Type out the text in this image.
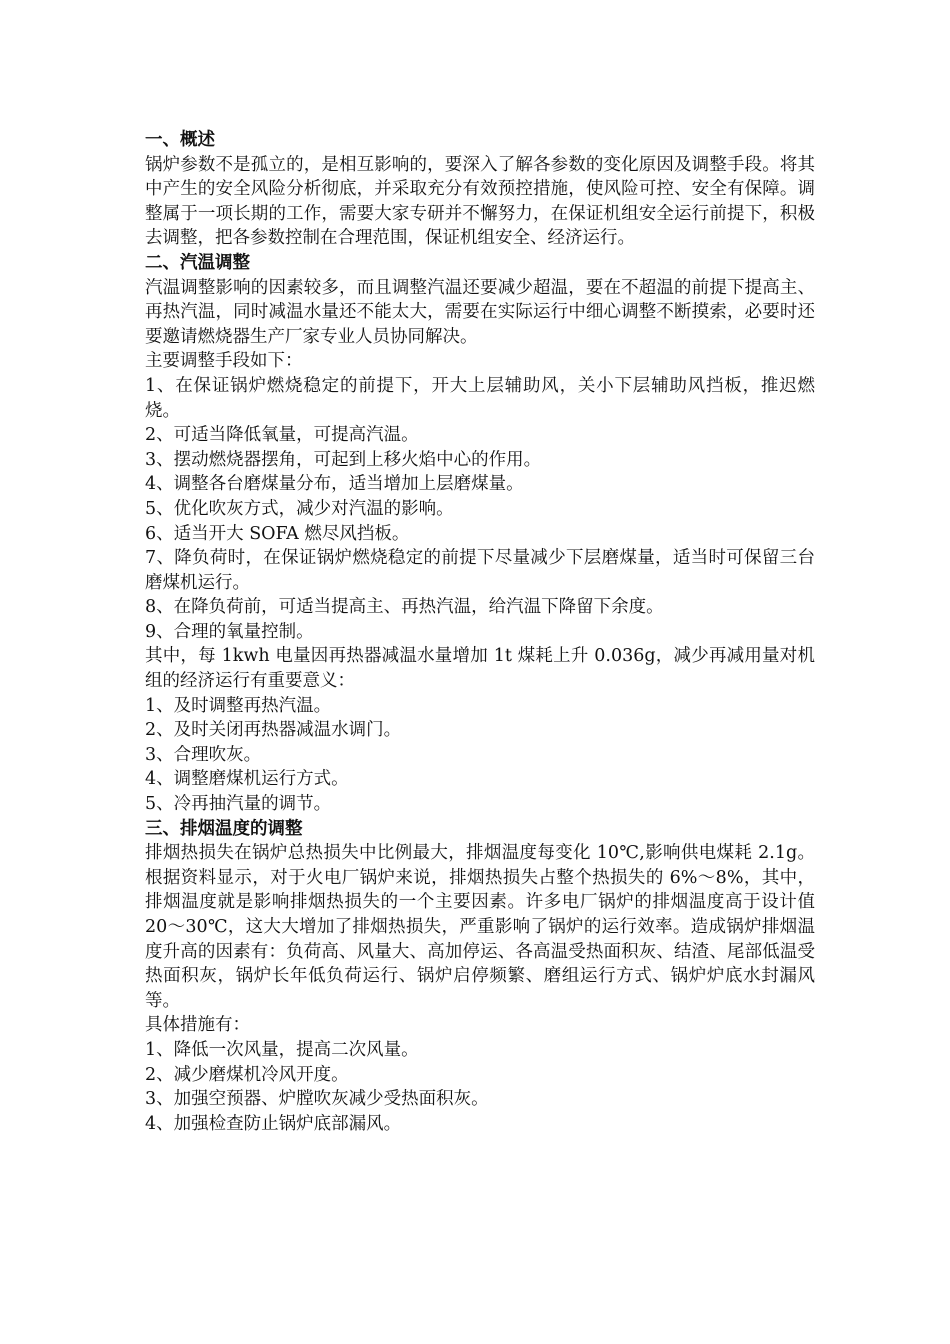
一、概述

锅炉参数不是孤立的，是相互影响的，要深入了解各参数的变化原因及调整手段。将其中产生的安全风险分析彻底，并采取充分有效预控措施，使风险可控、安全有保障。调整属于一项长期的工作，需要大家专研并不懈努力，在保证机组安全运行前提下，积极去调整，把各参数控制在合理范围，保证机组安全、经济运行。

二、汽温调整

汽温调整影响的因素较多，而且调整汽温还要减少超温，要在不超温的前提下提高主、再热汽温，同时减温水量还不能太大，需要在实际运行中细心调整不断摸索，必要时还要邀请燃烧器生产厂家专业人员协同解决。

主要调整手段如下：

1、在保证锅炉燃烧稳定的前提下，开大上层辅助风，关小下层辅助风挡板，推迟燃烧。

2、可适当降低氧量，可提高汽温。

3、摆动燃烧器摆角，可起到上移火焰中心的作用。

4、调整各台磨煤量分布，适当增加上层磨煤量。

5、优化吹灰方式，减少对汽温的影响。

6、适当开大 SOFA 燃尽风挡板。

7、降负荷时，在保证锅炉燃烧稳定的前提下尽量减少下层磨煤量，适当时可保留三台磨煤机运行。

8、在降负荷前，可适当提高主、再热汽温，给汽温下降留下余度。

9、合理的氧量控制。

其中，每 1kwh 电量因再热器减温水量增加 1t 煤耗上升 0.036g，减少再减用量对机组的经济运行有重要意义：

1、及时调整再热汽温。

2、及时关闭再热器减温水调门。

3、合理吹灰。

4、调整磨煤机运行方式。

5、冷再抽汽量的调节。

三、排烟温度的调整

排烟热损失在锅炉总热损失中比例最大，排烟温度每变化 10℃,影响供电煤耗 2.1g。根据资料显示，对于火电厂锅炉来说，排烟热损失占整个热损失的 6%～8%，其中，排烟温度就是影响排烟热损失的一个主要因素。许多电厂锅炉的排烟温度高于设计值 20～30℃，这大大增加了排烟热损失，严重影响了锅炉的运行效率。造成锅炉排烟温度升高的因素有：负荷高、风量大、高加停运、各高温受热面积灰、结渣、尾部低温受热面积灰，锅炉长年低负荷运行、锅炉启停频繁、磨组运行方式、锅炉炉底水封漏风等。

具体措施有：

1、降低一次风量，提高二次风量。

2、减少磨煤机冷风开度。

3、加强空预器、炉膛吹灰减少受热面积灰。

4、加强检查防止锅炉底部漏风。
